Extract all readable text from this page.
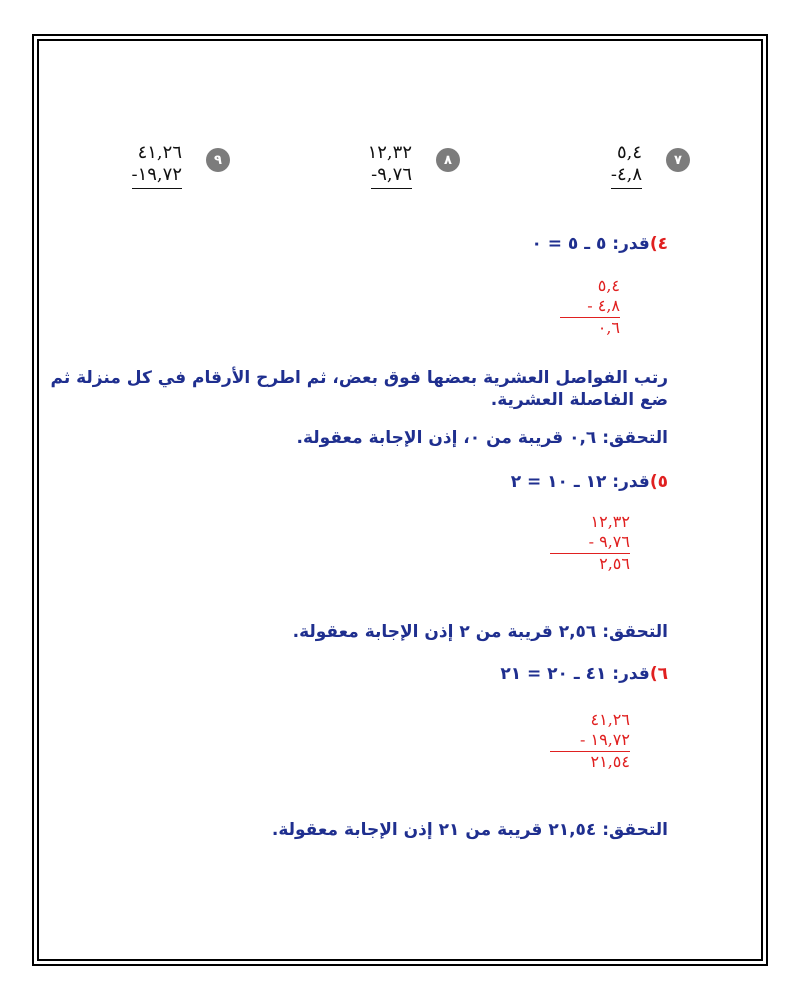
٧
٥,٤
٤,٨-
٨
١٢,٣٢
٩,٧٦-
٩
٤١,٢٦
١٩,٧٢-
٤)قدر: ٥ ـ ٥ = ٠
٥,٤
٤,٨ -
٠,٦
رتب الفواصل العشرية بعضها فوق بعض، ثم اطرح الأرقام في كل منزلة ثم
ضع الفاصلة العشرية.
التحقق: ٠,٦ قريبة من ٠، إذن الإجابة معقولة.
٥)قدر: ١٢ ـ ١٠ = ٢
١٢,٣٢
٩,٧٦ -
٢,٥٦
التحقق: ٢,٥٦ قريبة من ٢ إذن الإجابة معقولة.
٦)قدر: ٤١ ـ ٢٠ = ٢١
٤١,٢٦
١٩,٧٢ -
٢١,٥٤
التحقق: ٢١,٥٤ قريبة من ٢١ إذن الإجابة معقولة.
